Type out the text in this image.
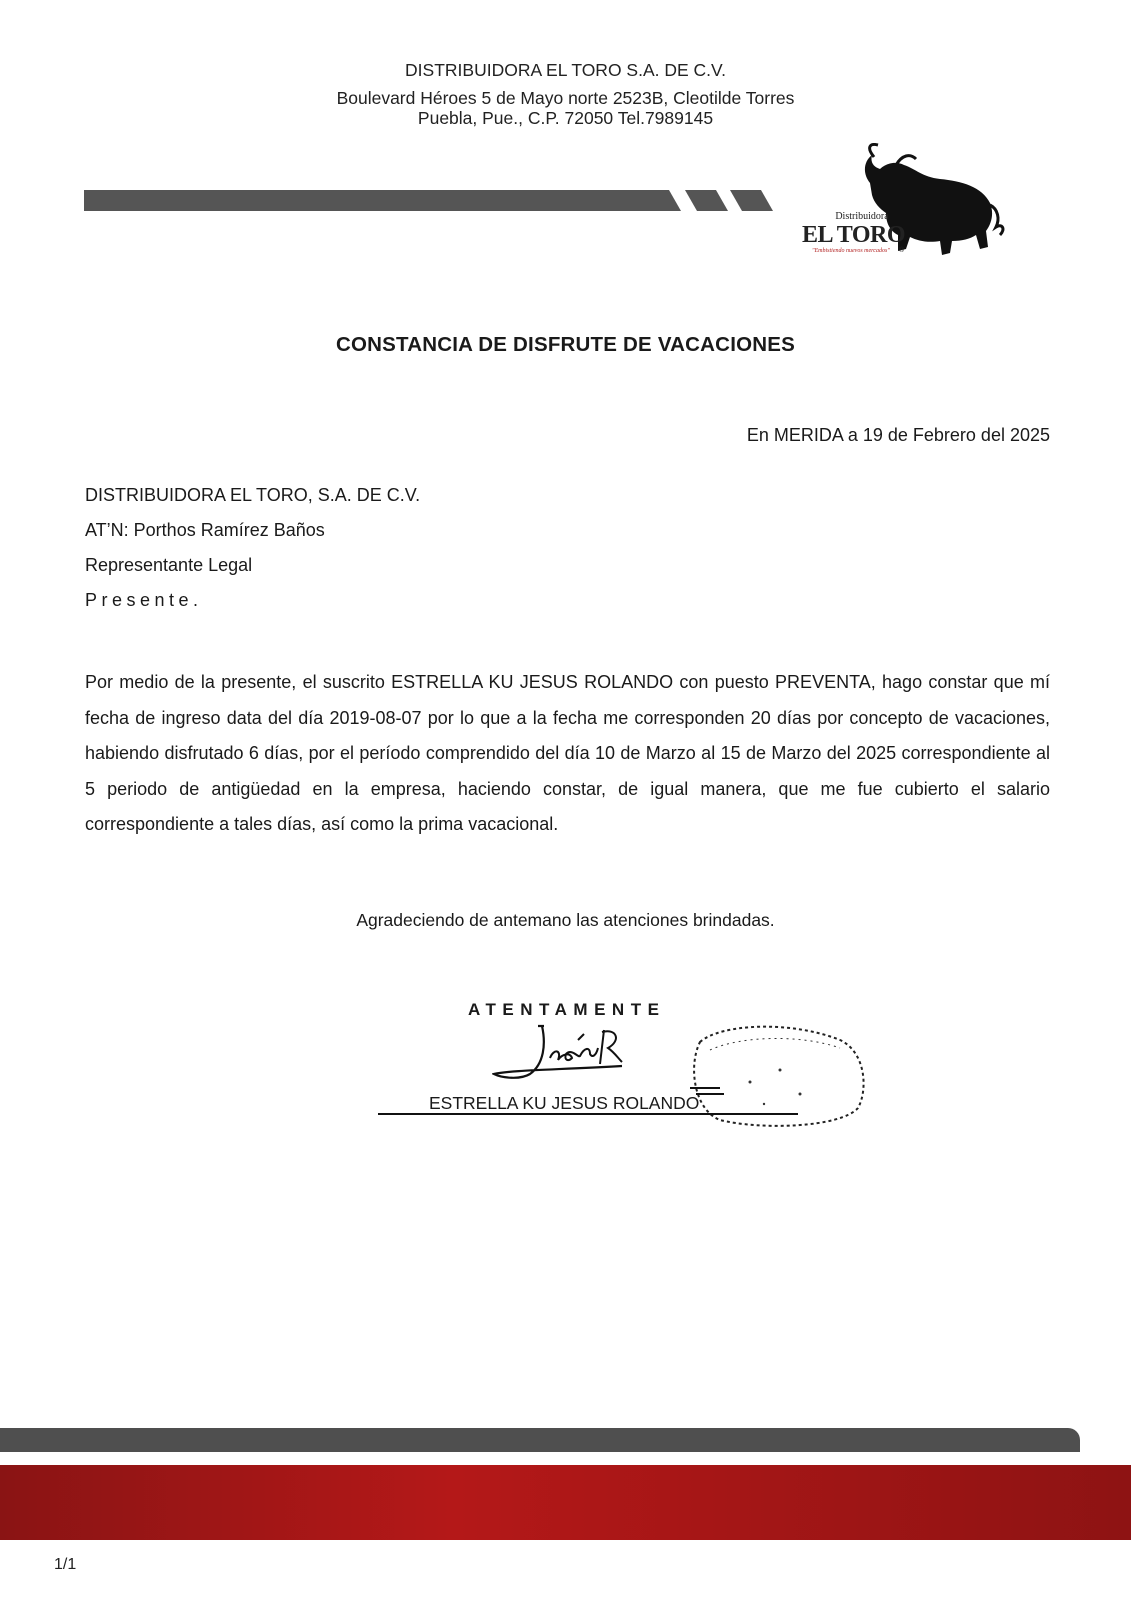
DISTRIBUIDORA EL TORO S.A. DE C.V.
Boulevard Héroes 5 de Mayo norte 2523B, Cleotilde Torres
Puebla, Pue., C.P. 72050 Tel.7989145
Distribuidora
EL TORO
"Embistiendo nuevos mercados" ®
CONSTANCIA DE DISFRUTE DE VACACIONES
En MERIDA a 19 de Febrero del 2025
DISTRIBUIDORA EL TORO, S.A. DE C.V.
AT’N: Porthos Ramírez Baños
Representante Legal
Presente.
Por medio de la presente, el suscrito ESTRELLA KU JESUS ROLANDO con puesto PREVENTA, hago constar que mí fecha de ingreso data del día 2019-08-07 por lo que a la fecha me corresponden 20 días por concepto de vacaciones, habiendo disfrutado 6 días, por el período comprendido del día 10 de Marzo al 15 de Marzo del 2025 correspondiente al 5 periodo de antigüedad en la empresa, haciendo constar, de igual manera, que me fue cubierto el salario correspondiente a tales días, así como la prima vacacional.
Agradeciendo de antemano las atenciones brindadas.
ATENTAMENTE
ESTRELLA KU JESUS ROLANDO
1/1
